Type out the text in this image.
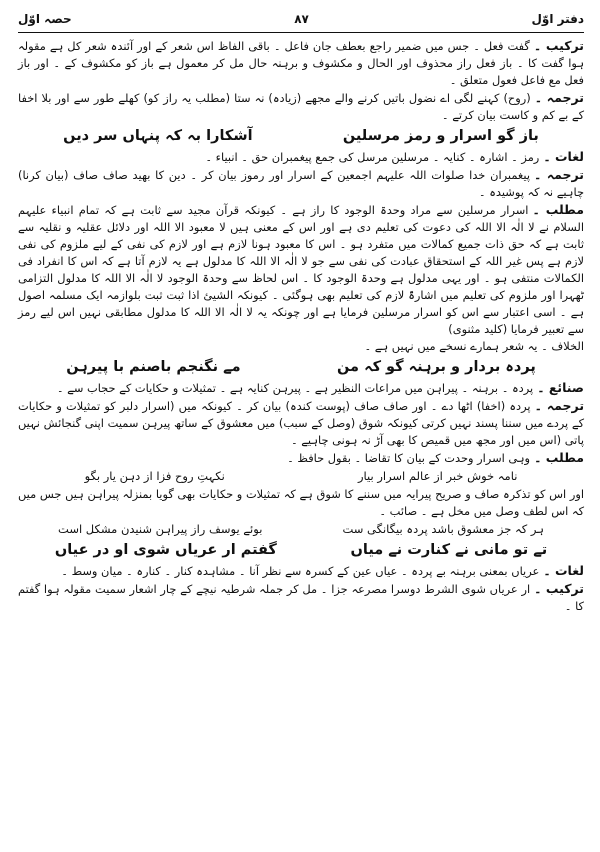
دفتر اوّل
۸۷
حصہ اوّل

ترکیب ۔گفت فعل ۔ جس میں ضمیر راجع بعطف جان فاعل ۔ باقی الفاظ اس شعر کے اور آئندہ شعر کل ہے مقولہ ہوا گفت کا ۔ باز فعل راز محذوف اور الحال و مکشوف و برہنہ حال مل کر معمول ہے باز کو مکشوف کے ۔ اور باز فعل مع فاعل فعول متعلق ۔

ترجمہ ۔(روح) کہنے لگی اے نضول باتیں کرنے والے مجھے (زیادہ) نہ ستا (مطلب یہ راز کو) کھلے طور سے اور بلا اخفا کے بے کم و کاست بیان کرتے ۔

باز گو اسرار و رمز مرسلین
آشکارا بہ کہ پنہاں سر دیں

لغات ۔رمز ۔ اشارہ ۔ کنایہ ۔ مرسلین مرسل کی جمع پیغمبران حق ۔ انبیاء ۔

ترجمہ ۔پیغمبران خدا صلوات اللہ علیہم اجمعین کے اسرار اور رموز بیان کر ۔ دین کا بھید صاف صاف (بیان کرنا) چاہیے نہ کہ پوشیدہ ۔

مطلب ۔اسرار مرسلین سے مراد وحدۃ الوجود کا راز ہے ۔ کیونکہ قرآن مجید سے ثابت ہے کہ تمام انبیاء علیہم السلام نے لا الٰہ الا اللہ کی دعوت کی تعلیم دی ہے اور اس کے معنی ہیں لا معبود الا اللہ اور دلائل عقلیہ و نقلیہ سے ثابت ہے کہ حق ذات جمیع کمالات میں متفرد ہو ۔ اس کا معبود ہونا لازم ہے اور لازم کی نفی کے لیے ملزوم کی نفی لازم ہے پس غیر اللہ کے استحقاق عبادت کی نفی سے جو لا الٰہ الا اللہ کا مدلول ہے یہ لازم آتا ہے کہ اس کا انفراد فی الکمالات منتفی ہو ۔ اور یہی مدلول ہے وحدۃ الوجود کا ۔ اس لحاظ سے وحدۃ الوجود لا الٰہ الا اللہ کا مدلول التزامی ٹھہرا اور ملزوم کی تعلیم میں اشارۃً لازم کی تعلیم بھی ہوگئی ۔ کیونکہ الشیئ اذا ثبت ثبت بلوازمہ ایک مسلمہ اصول ہے ۔ اسی اعتبار سے اس کو اسرار مرسلین فرمایا ہے اور چونکہ یہ لا الٰہ الا اللہ کا مدلول مطابقی نہیں اس لیے رمز سے تعبیر فرمایا (کلید مثنوی)

الخلاف ۔ یہ شعر ہمارے نسخے میں نہیں ہے ۔

پردہ بردار و برہنہ گو کہ من
مے نگنجم باصنم با پیرہن

صنائع ۔پردہ ۔ برہنہ ۔ پیراہن میں مراعات النظیر ہے ۔ پیرہن کنایہ ہے ۔ تمثیلات و حکایات کے حجاب سے ۔

ترجمہ ۔پردہ (اخفا) اٹھا دے ۔ اور صاف صاف (پوست کندہ) بیان کر ۔ کیونکہ میں (اسرار دلبر کو تمثیلات و حکایات کے پردے میں سننا پسند نہیں کرتی کیونکہ شوق (وصل کے سبب) میں معشوق کے ساتھ پیرہن سمیت اپنی گنجائش نہیں پاتی (اس میں اور مجھ میں قمیص کا بھی آڑ نہ ہونی چاہیے ۔

مطلب ۔وہی اسرار وحدت کے بیان کا تقاضا ۔ بقول حافظ ۔

نامہ خوش خبر از عالم اسرار بیار
نکہتِ روح فزا از دہن یار بگو

اور اس کو تذکرہ صاف و صریح پیرایہ میں سننے کا شوق ہے کہ تمثیلات و حکایات بھی گویا بمنزلہ پیراہن ہیں جس میں کہ اس لطف وصل میں مخل ہے ۔ صائب ۔

ہر کہ جز معشوق باشد پردہ بیگانگی ست
بوئے یوسف راز پیراہن شنیدن مشکل است
تے تو مانی نے کنارت نے میاں
گفتم ار عریاں شوی او در عیاں

لغات ۔عریاں بمعنی برہنہ بے پردہ ۔ عیاں عین کے کسرہ سے نظر آنا ۔ مشاہدہ کنار ۔ کنارہ ۔ میان وسط ۔

ترکیب ۔ار عریاں شوی الشرط دوسرا مصرعہ جزا ۔ مل کر جملہ شرطیہ نیچے کے چار اشعار سمیت مقولہ ہوا گفتم کا ۔
